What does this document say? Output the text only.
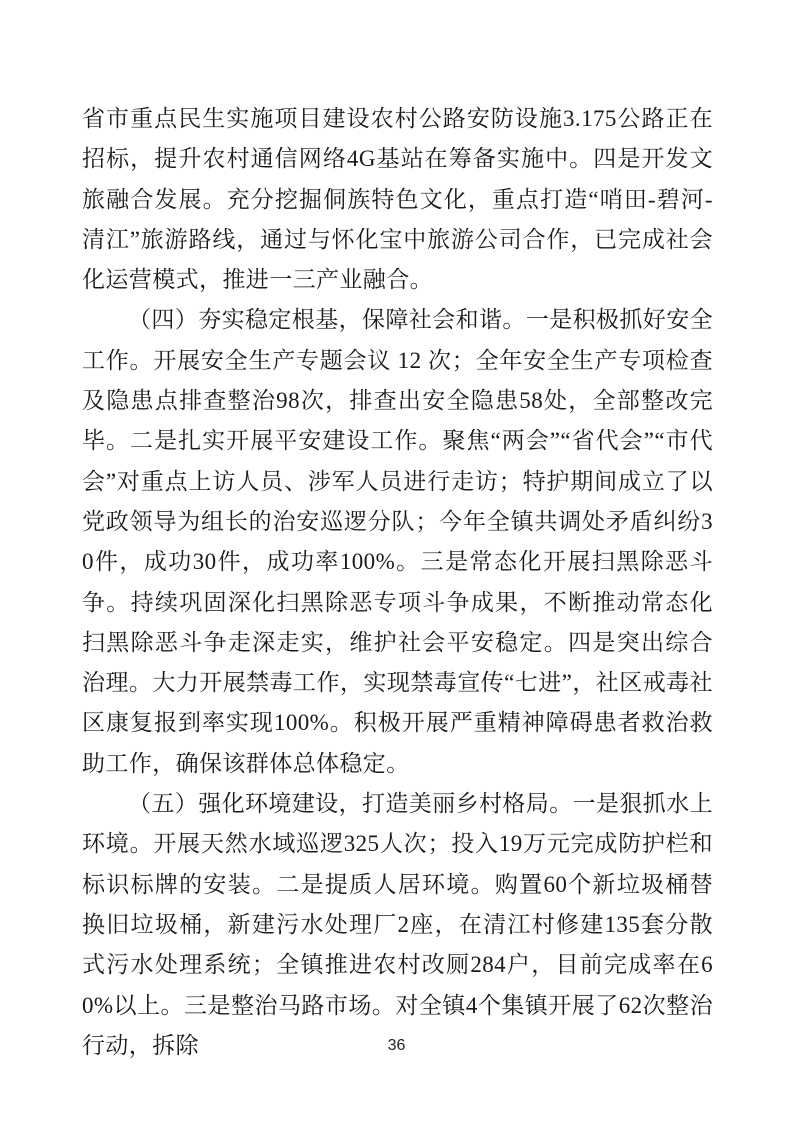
省市重点民生实施项目建设农村公路安防设施3.175公路正在招标，提升农村通信网络4G基站在筹备实施中。四是开发文旅融合发展。充分挖掘侗族特色文化，重点打造“哨田-碧河-清江”旅游路线，通过与怀化宝中旅游公司合作，已完成社会化运营模式，推进一三产业融合。

（四）夯实稳定根基，保障社会和谐。一是积极抓好安全工作。开展安全生产专题会议 12 次；全年安全生产专项检查及隐患点排查整治98次，排查出安全隐患58处，全部整改完毕。二是扎实开展平安建设工作。聚焦“两会”“省代会”“市代会”对重点上访人员、涉军人员进行走访；特护期间成立了以党政领导为组长的治安巡逻分队；今年全镇共调处矛盾纠纷30件，成功30件，成功率100%。三是常态化开展扫黑除恶斗争。持续巩固深化扫黑除恶专项斗争成果，不断推动常态化扫黑除恶斗争走深走实，维护社会平安稳定。四是突出综合治理。大力开展禁毒工作，实现禁毒宣传“七进”，社区戒毒社区康复报到率实现100%。积极开展严重精神障碍患者救治救助工作，确保该群体总体稳定。

（五）强化环境建设，打造美丽乡村格局。一是狠抓水上环境。开展天然水域巡逻325人次；投入19万元完成防护栏和标识标牌的安装。二是提质人居环境。购置60个新垃圾桶替换旧垃圾桶，新建污水处理厂2座，在清江村修建135套分散式污水处理系统；全镇推进农村改厕284户，目前完成率在60%以上。三是整治马路市场。对全镇4个集镇开展了62次整治行动，拆除	36
